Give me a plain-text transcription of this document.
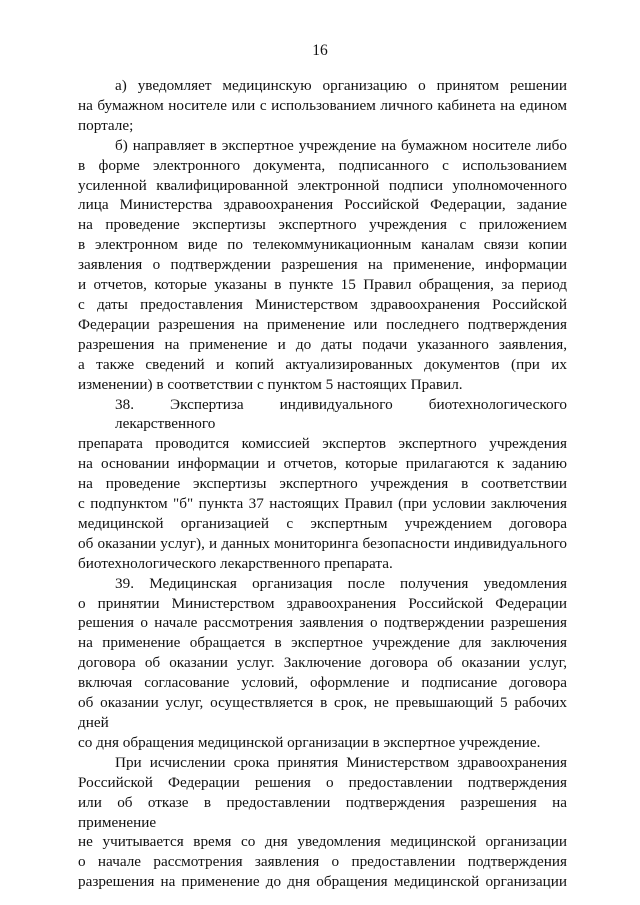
16

а) уведомляет медицинскую организацию о принятом решении
на бумажном носителе или с использованием личного кабинета на едином
портале;

б) направляет в экспертное учреждение на бумажном носителе либо
в форме электронного документа, подписанного с использованием
усиленной квалифицированной электронной подписи уполномоченного
лица Министерства здравоохранения Российской Федерации, задание
на проведение экспертизы экспертного учреждения с приложением
в электронном виде по телекоммуникационным каналам связи копии
заявления о подтверждении разрешения на применение, информации
и отчетов, которые указаны в пункте 15 Правил обращения, за период
с даты предоставления Министерством здравоохранения Российской
Федерации разрешения на применение или последнего подтверждения
разрешения на применение и до даты подачи указанного заявления,
а также сведений и копий актуализированных документов (при их
изменении) в соответствии с пунктом 5 настоящих Правил.

38. Экспертиза индивидуального биотехнологического лекарственного
препарата проводится комиссией экспертов экспертного учреждения
на основании информации и отчетов, которые прилагаются к заданию
на проведение экспертизы экспертного учреждения в соответствии
с подпунктом "б" пункта 37 настоящих Правил (при условии заключения
медицинской организацией с экспертным учреждением договора
об оказании услуг), и данных мониторинга безопасности индивидуального
биотехнологического лекарственного препарата.

39. Медицинская организация после получения уведомления
о принятии Министерством здравоохранения Российской Федерации
решения о начале рассмотрения заявления о подтверждении разрешения
на применение обращается в экспертное учреждение для заключения
договора об оказании услуг. Заключение договора об оказании услуг,
включая согласование условий, оформление и подписание договора
об оказании услуг, осуществляется в срок, не превышающий 5 рабочих дней
со дня обращения медицинской организации в экспертное учреждение.

При исчислении срока принятия Министерством здравоохранения
Российской Федерации решения о предоставлении подтверждения
или об отказе в предоставлении подтверждения разрешения на применение
не учитывается время со дня уведомления медицинской организации
о начале рассмотрения заявления о предоставлении подтверждения
разрешения на применение до дня обращения медицинской организации
